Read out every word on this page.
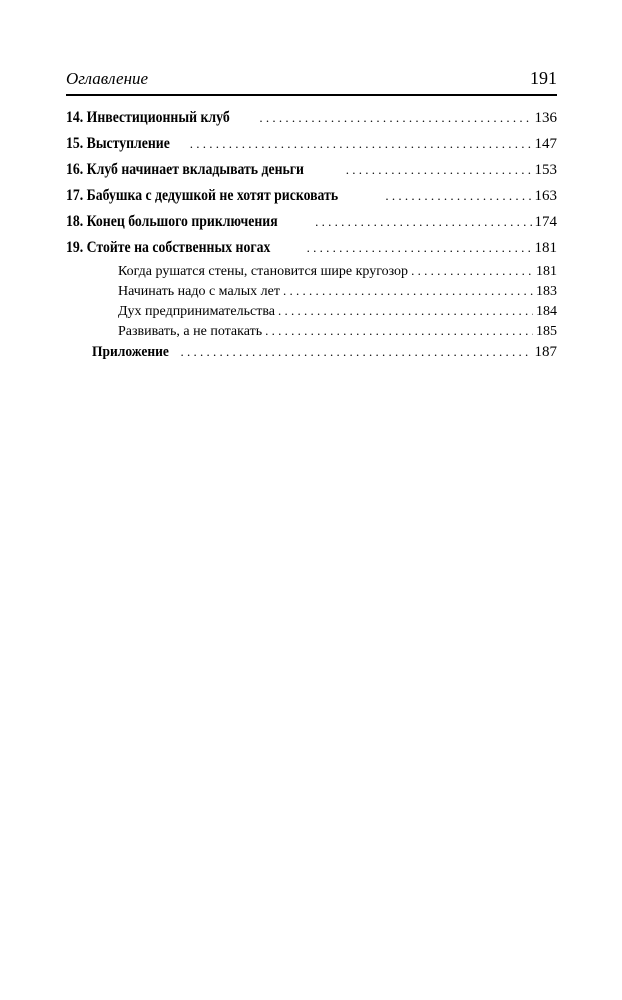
Оглавление	191
14. Инвестиционный клуб . . .	136
15. Выступление . . .	147
16. Клуб начинает вкладывать деньги . . .	153
17. Бабушка с дедушкой не хотят рисковать . . .	163
18. Конец большого приключения . . .	174
19. Стойте на собственных ногах . . .	181
Когда рушатся стены, становится шире кругозор . . .	181
Начинать надо с малых лет . . .	183
Дух предпринимательства . . .	184
Развивать, а не потакать . . .	185
Приложение . . .	187
